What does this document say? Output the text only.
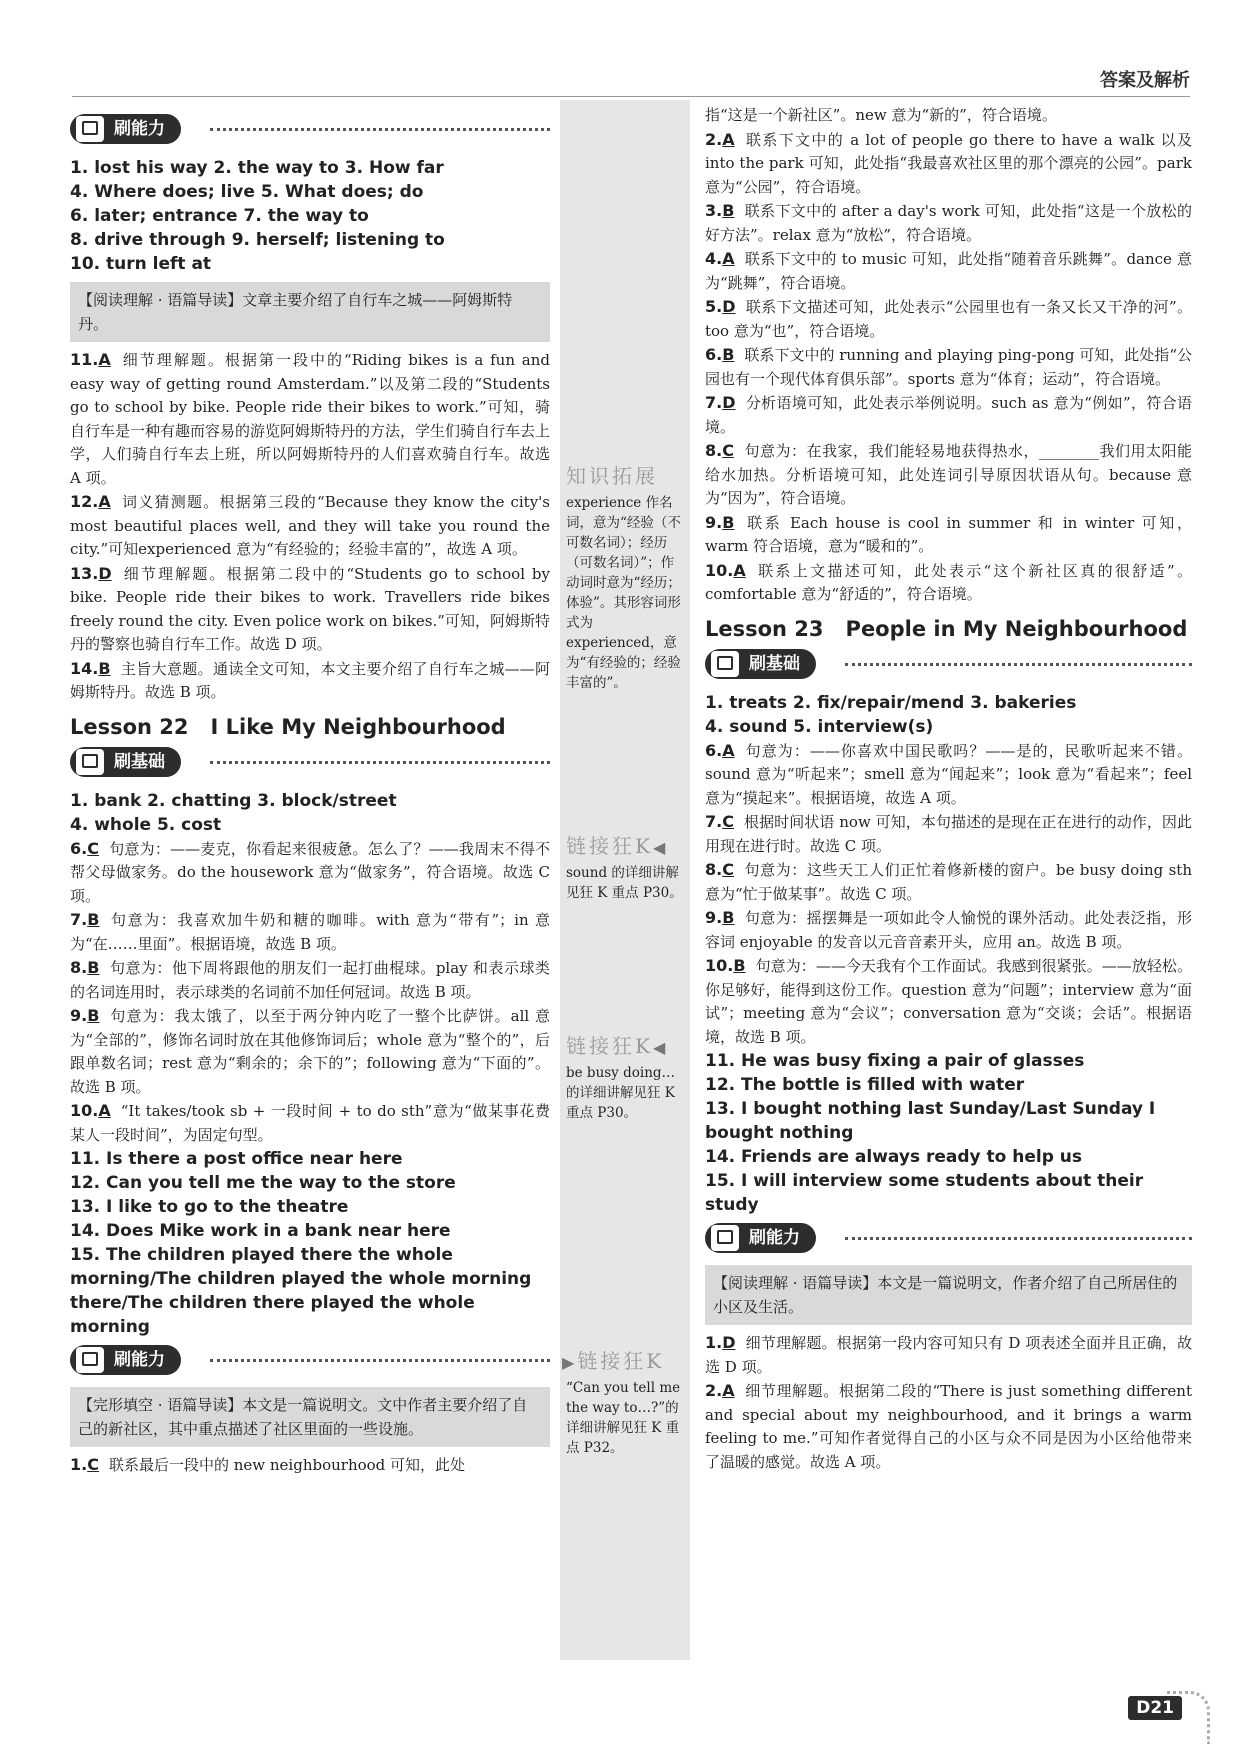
答案及解析
刷能力
1. lost his way 2. the way to 3. How far
4. Where does; live 5. What does; do
6. later; entrance 7. the way to
8. drive through 9. herself; listening to
10. turn left at
【阅读理解 · 语篇导读】文章主要介绍了自行车之城——阿姆斯特丹。

11.A 细节理解题。根据第一段中的“Riding bikes is a fun and easy way of getting round Amsterdam.”以及第二段的“Students go to school by bike. People ride their bikes to work.”可知，骑自行车是一种有趣而容易的游览阿姆斯特丹的方法，学生们骑自行车去上学，人们骑自行车去上班，所以阿姆斯特丹的人们喜欢骑自行车。故选 A 项。

12.A 词义猜测题。根据第三段的“Because they know the city's most beautiful places well, and they will take you round the city.”可知experienced 意为“有经验的；经验丰富的”，故选 A 项。

13.D 细节理解题。根据第二段中的“Students go to school by bike. People ride their bikes to work. Travellers ride bikes freely round the city. Even police work on bikes.”可知，阿姆斯特丹的警察也骑自行车工作。故选 D 项。

14.B 主旨大意题。通读全文可知，本文主要介绍了自行车之城——阿姆斯特丹。故选 B 项。

Lesson 22 I Like My Neighbourhood
刷基础
1. bank 2. chatting 3. block/street
4. whole 5. cost

6.C 句意为：——麦克，你看起来很疲惫。怎么了？——我周末不得不帮父母做家务。do the housework 意为“做家务”，符合语境。故选 C 项。

7.B 句意为：我喜欢加牛奶和糖的咖啡。with 意为“带有”；in 意为“在……里面”。根据语境，故选 B 项。

8.B 句意为：他下周将跟他的朋友们一起打曲棍球。play 和表示球类的名词连用时，表示球类的名词前不加任何冠词。故选 B 项。

9.B 句意为：我太饿了，以至于两分钟内吃了一整个比萨饼。all 意为“全部的”，修饰名词时放在其他修饰词后；whole 意为“整个的”，后跟单数名词；rest 意为“剩余的；余下的”；following 意为“下面的”。故选 B 项。

10.A “It takes/took sb + 一段时间 + to do sth”意为“做某事花费某人一段时间”，为固定句型。

11. Is there a post office near here
12. Can you tell me the way to the store
13. I like to go to the theatre
14. Does Mike work in a bank near here
15. The children played there the whole morning/The children played the whole morning there/The children there played the whole morning
刷能力
【完形填空 · 语篇导读】本文是一篇说明文。文中作者主要介绍了自己的新社区，其中重点描述了社区里面的一些设施。

1.C 联系最后一段中的 new neighbourhood 可知，此处

知识拓展
experience 作名词，意为“经验（不可数名词）；经历（可数名词）”；作动词时意为“经历；体验”。其形容词形式为 experienced，意为“有经验的；经验丰富的”。
链接狂K◀
sound 的详细讲解见狂 K 重点 P30。
链接狂K◀
be busy doing…的详细讲解见狂 K 重点 P30。
▶链接狂K
“Can you tell me the way to…?”的详细讲解见狂 K 重点 P32。

指“这是一个新社区”。new 意为“新的”，符合语境。

2.A 联系下文中的 a lot of people go there to have a walk 以及 into the park 可知，此处指“我最喜欢社区里的那个漂亮的公园”。park 意为“公园”，符合语境。

3.B 联系下文中的 after a day's work 可知，此处指“这是一个放松的好方法”。relax 意为“放松”，符合语境。

4.A 联系下文中的 to music 可知，此处指“随着音乐跳舞”。dance 意为“跳舞”，符合语境。

5.D 联系下文描述可知，此处表示“公园里也有一条又长又干净的河”。too 意为“也”，符合语境。

6.B 联系下文中的 running and playing ping-pong 可知，此处指“公园也有一个现代体育俱乐部”。sports 意为“体育；运动”，符合语境。

7.D 分析语境可知，此处表示举例说明。such as 意为“例如”，符合语境。

8.C 句意为：在我家，我们能轻易地获得热水，________我们用太阳能给水加热。分析语境可知，此处连词引导原因状语从句。because 意为“因为”，符合语境。

9.B 联系 Each house is cool in summer 和 in winter 可知，warm 符合语境，意为“暖和的”。

10.A 联系上文描述可知，此处表示“这个新社区真的很舒适”。comfortable 意为“舒适的”，符合语境。

Lesson 23 People in My Neighbourhood
刷基础
1. treats 2. fix/repair/mend 3. bakeries
4. sound 5. interview(s)

6.A 句意为：——你喜欢中国民歌吗？——是的，民歌听起来不错。sound 意为“听起来”；smell 意为“闻起来”；look 意为“看起来”；feel 意为“摸起来”。根据语境，故选 A 项。

7.C 根据时间状语 now 可知，本句描述的是现在正在进行的动作，因此用现在进行时。故选 C 项。

8.C 句意为：这些天工人们正忙着修新楼的窗户。be busy doing sth 意为“忙于做某事”。故选 C 项。

9.B 句意为：摇摆舞是一项如此令人愉悦的课外活动。此处表泛指，形容词 enjoyable 的发音以元音音素开头，应用 an。故选 B 项。

10.B 句意为：——今天我有个工作面试。我感到很紧张。——放轻松。你足够好，能得到这份工作。question 意为“问题”；interview 意为“面试”；meeting 意为“会议”；conversation 意为“交谈；会话”。根据语境，故选 B 项。

11. He was busy fixing a pair of glasses
12. The bottle is filled with water
13. I bought nothing last Sunday/Last Sunday I bought nothing
14. Friends are always ready to help us
15. I will interview some students about their study
刷能力
【阅读理解 · 语篇导读】本文是一篇说明文，作者介绍了自己所居住的小区及生活。

1.D 细节理解题。根据第一段内容可知只有 D 项表述全面并且正确，故选 D 项。

2.A 细节理解题。根据第二段的“There is just something different and special about my neighbourhood, and it brings a warm feeling to me.”可知作者觉得自己的小区与众不同是因为小区给他带来了温暖的感觉。故选 A 项。

D21
